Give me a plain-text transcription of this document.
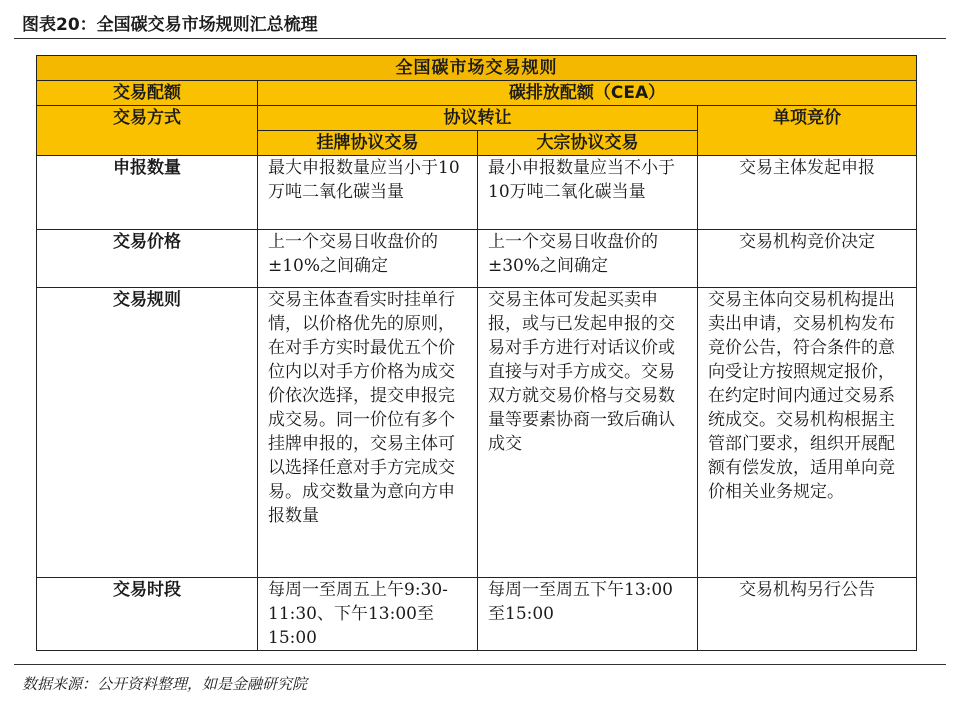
图表20：全国碳交易市场规则汇总梳理
全国碳市场交易规则			
交易配额	碳排放配额（CEA）		
交易方式	协议转让		单项竞价
	挂牌协议交易	大宗协议交易	
申报数量	最大申报数量应当小于10万吨二氧化碳当量	最小申报数量应当不小于10万吨二氧化碳当量	交易主体发起申报
交易价格	上一个交易日收盘价的±10%之间确定	上一个交易日收盘价的±30%之间确定	交易机构竞价决定
交易规则	交易主体查看实时挂单行情，以价格优先的原则，在对手方实时最优五个价位内以对手方价格为成交价依次选择，提交申报完成交易。同一价位有多个挂牌申报的，交易主体可以选择任意对手方完成交易。成交数量为意向方申报数量	交易主体可发起买卖申报，或与已发起申报的交易对手方进行对话议价或直接与对手方成交。交易双方就交易价格与交易数量等要素协商一致后确认成交	交易主体向交易机构提出卖出申请，交易机构发布竞价公告，符合条件的意向受让方按照规定报价，在约定时间内通过交易系统成交。交易机构根据主管部门要求，组织开展配额有偿发放，适用单向竞价相关业务规定。
交易时段	每周一至周五上午9:30-11:30、下午13:00至15:00	每周一至周五下午13:00至15:00	交易机构另行公告
数据来源：公开资料整理，如是金融研究院
